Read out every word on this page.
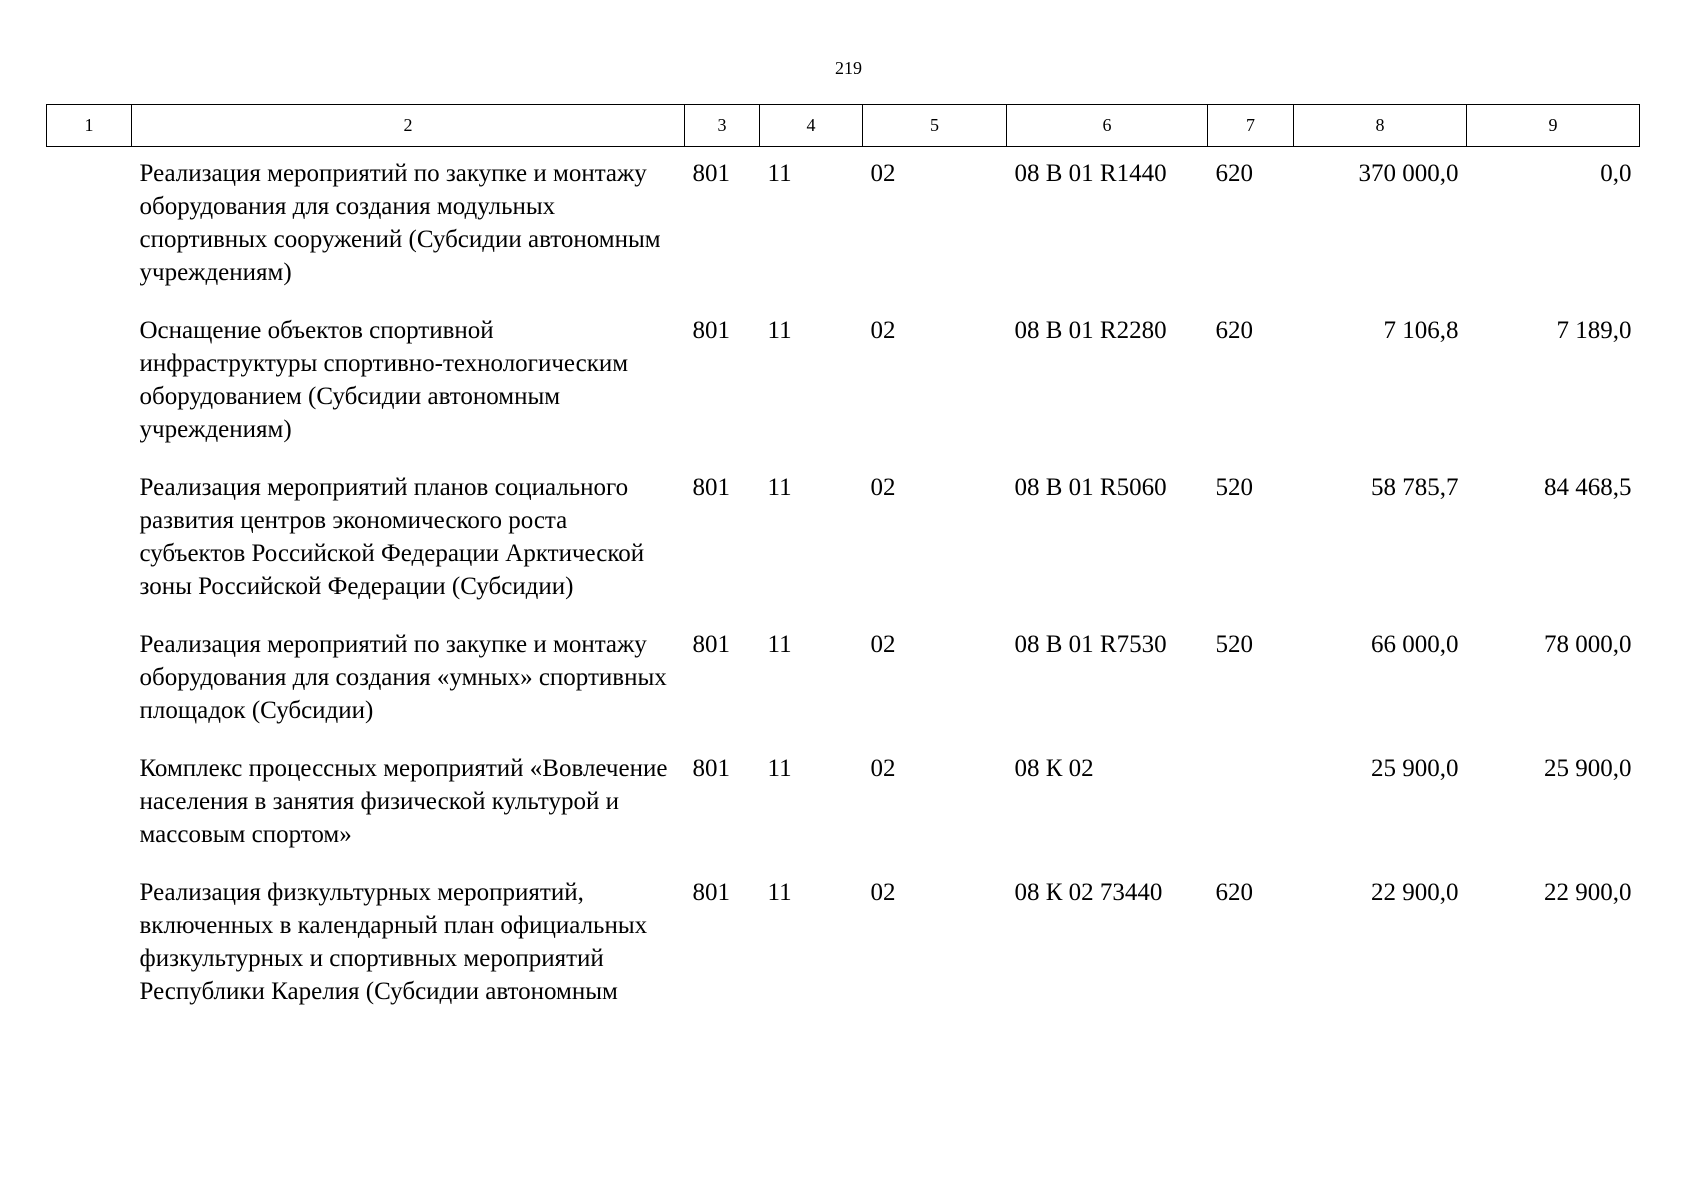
219
1	2	3	4	5	6	7	8	9
	Реализация мероприятий по закупке и монтажу оборудования для создания модульных спортивных сооружений (Субсидии автономным учреждениям)	801	11	02	08 В 01 R1440	620	370 000,0	0,0
	Оснащение объектов спортивной инфраструктуры спортивно-технологическим оборудованием (Субсидии автономным учреждениям)	801	11	02	08 В 01 R2280	620	7 106,8	7 189,0
	Реализация мероприятий планов социального развития центров экономического роста субъектов Российской Федерации Арктической зоны Российской Федерации (Субсидии)	801	11	02	08 В 01 R5060	520	58 785,7	84 468,5
	Реализация мероприятий по закупке и монтажу оборудования для создания «умных» спортивных площадок (Субсидии)	801	11	02	08 В 01 R7530	520	66 000,0	78 000,0
	Комплекс процессных мероприятий «Вовлечение населения в занятия физической культурой и массовым спортом»	801	11	02	08 К 02		25 900,0	25 900,0
	Реализация физкультурных мероприятий, включенных в календарный план официальных физкультурных и спортивных мероприятий Республики Карелия (Субсидии автономным	801	11	02	08 К 02 73440	620	22 900,0	22 900,0
